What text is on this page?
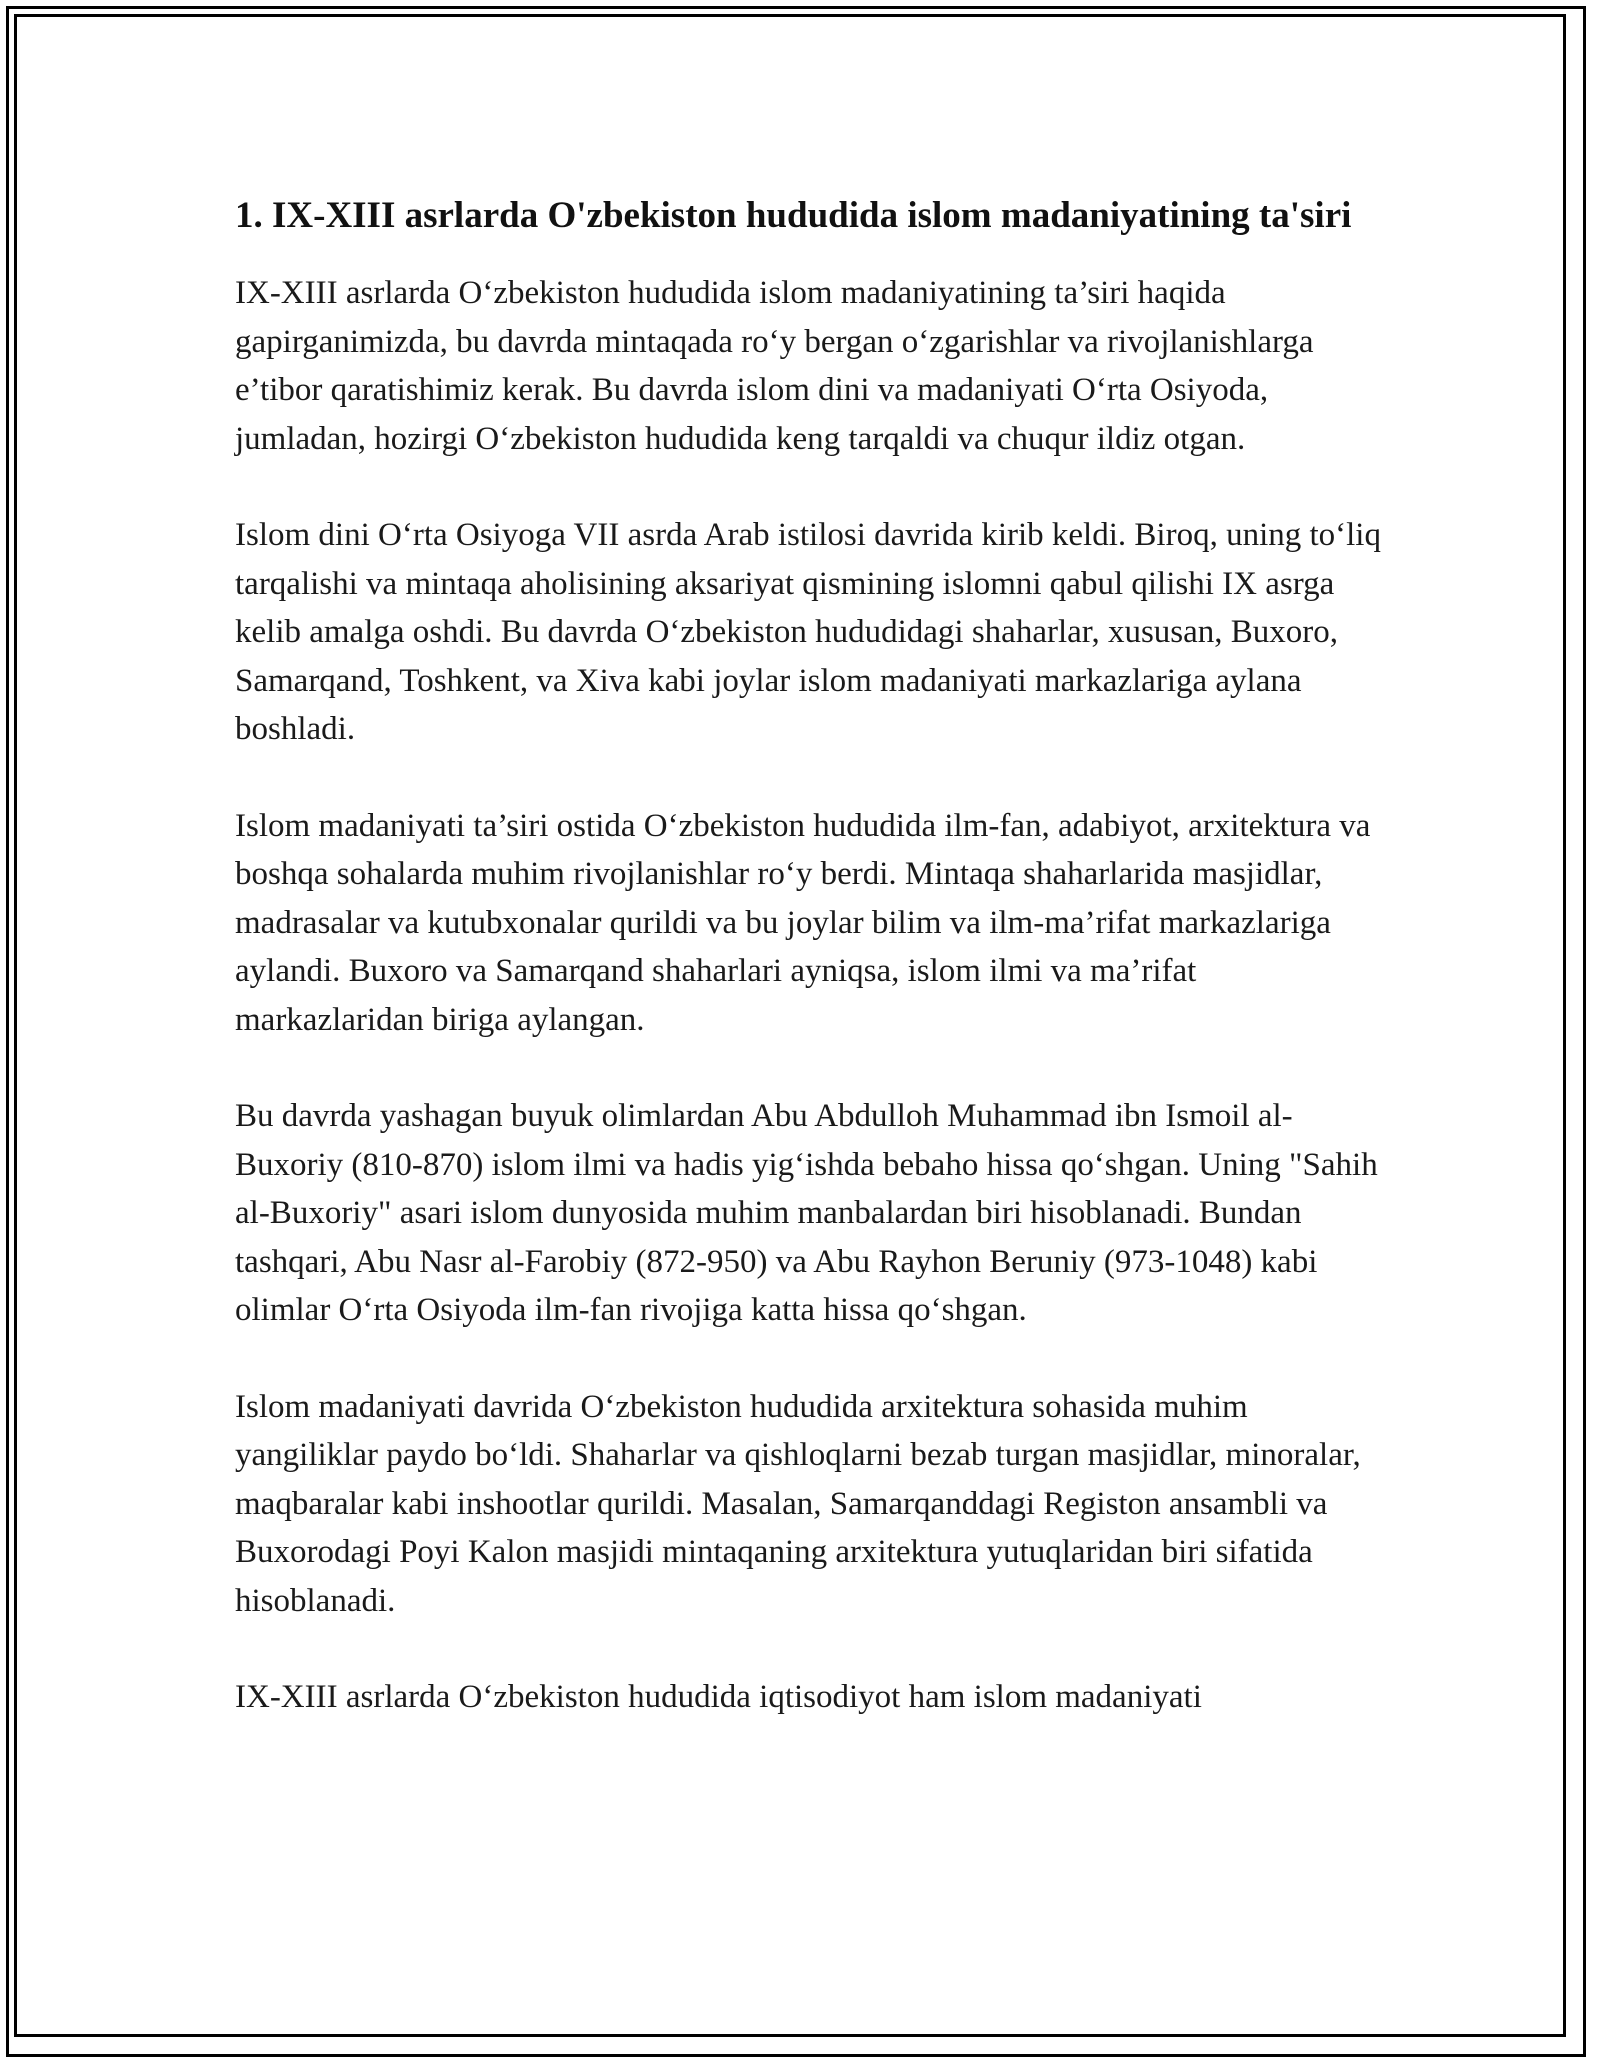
1. IX-XIII asrlarda O'zbekiston hududida islom madaniyatining ta'siri

IX-XIII asrlarda O‘zbekiston hududida islom madaniyatining ta’siri haqida gapirganimizda, bu davrda mintaqada ro‘y bergan o‘zgarishlar va rivojlanishlarga e’tibor qaratishimiz kerak. Bu davrda islom dini va madaniyati O‘rta Osiyoda, jumladan, hozirgi O‘zbekiston hududida keng tarqaldi va chuqur ildiz otgan.

Islom dini O‘rta Osiyoga VII asrda Arab istilosi davrida kirib keldi. Biroq, uning to‘liq tarqalishi va mintaqa aholisining aksariyat qismining islomni qabul qilishi IX asrga kelib amalga oshdi. Bu davrda O‘zbekiston hududidagi shaharlar, xususan, Buxoro, Samarqand, Toshkent, va Xiva kabi joylar islom madaniyati markazlariga aylana boshladi.

Islom madaniyati ta’siri ostida O‘zbekiston hududida ilm-fan, adabiyot, arxitektura va boshqa sohalarda muhim rivojlanishlar ro‘y berdi. Mintaqa shaharlarida masjidlar, madrasalar va kutubxonalar qurildi va bu joylar bilim va ilm-ma’rifat markazlariga aylandi. Buxoro va Samarqand shaharlari ayniqsa, islom ilmi va ma’rifat markazlaridan biriga aylangan.

Bu davrda yashagan buyuk olimlardan Abu Abdulloh Muhammad ibn Ismoil al-Buxoriy (810-870) islom ilmi va hadis yig‘ishda bebaho hissa qo‘shgan. Uning "Sahih al-Buxoriy" asari islom dunyosida muhim manbalardan biri hisoblanadi. Bundan tashqari, Abu Nasr al-Farobiy (872-950) va Abu Rayhon Beruniy (973-1048) kabi olimlar O‘rta Osiyoda ilm-fan rivojiga katta hissa qo‘shgan.

Islom madaniyati davrida O‘zbekiston hududida arxitektura sohasida muhim yangiliklar paydo bo‘ldi. Shaharlar va qishloqlarni bezab turgan masjidlar, minoralar, maqbaralar kabi inshootlar qurildi. Masalan, Samarqanddagi Registon ansambli va Buxorodagi Poyi Kalon masjidi mintaqaning arxitektura yutuqlaridan biri sifatida hisoblanadi.

IX-XIII asrlarda O‘zbekiston hududida iqtisodiyot ham islom madaniyati
